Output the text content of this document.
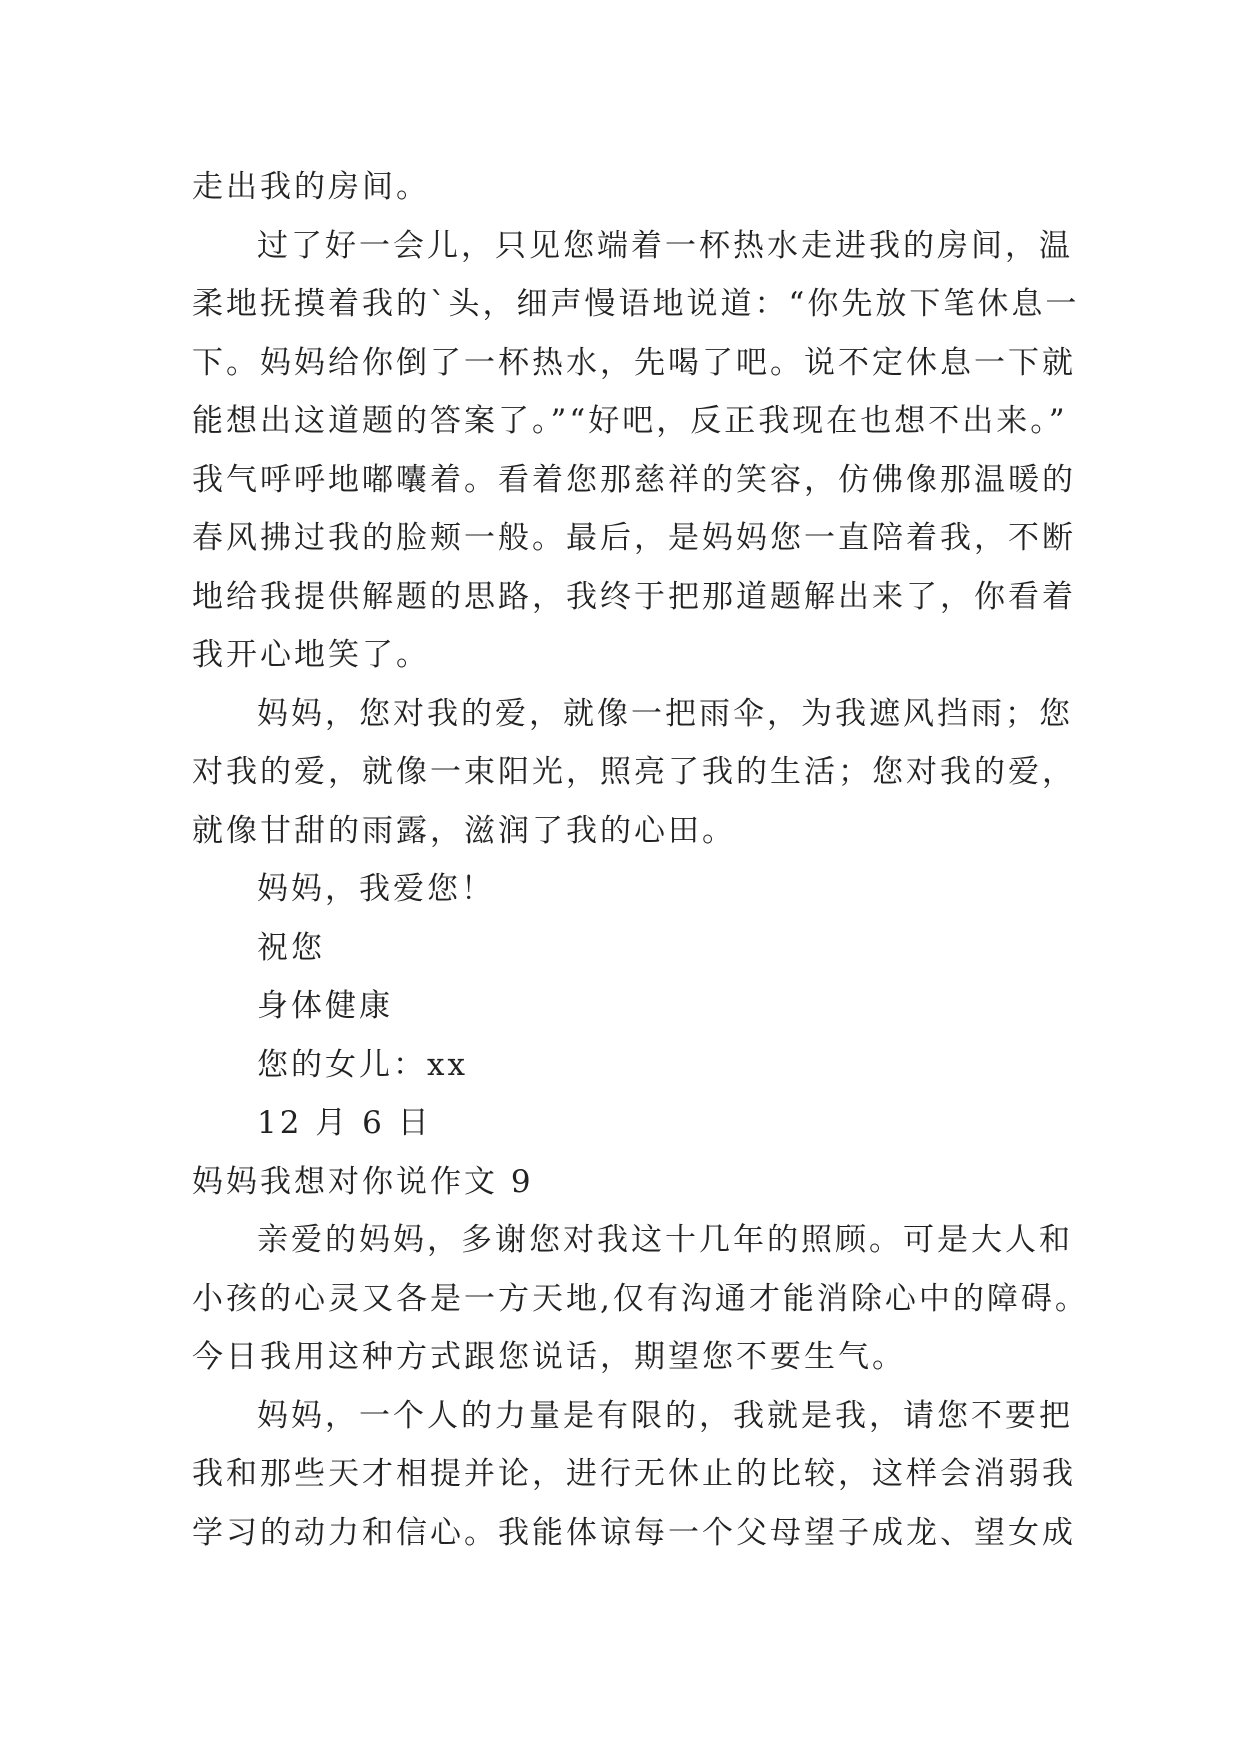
走出我的房间。
过了好一会儿，只见您端着一杯热水走进我的房间，温
柔地抚摸着我的`头，细声慢语地说道：“你先放下笔休息一
下。妈妈给你倒了一杯热水，先喝了吧。说不定休息一下就
能想出这道题的答案了。”“好吧，反正我现在也想不出来。”
我气呼呼地嘟囔着。看着您那慈祥的笑容，仿佛像那温暖的
春风拂过我的脸颊一般。最后，是妈妈您一直陪着我，不断
地给我提供解题的思路，我终于把那道题解出来了，你看着
我开心地笑了。
妈妈，您对我的爱，就像一把雨伞，为我遮风挡雨；您
对我的爱，就像一束阳光，照亮了我的生活；您对我的爱，
就像甘甜的雨露，滋润了我的心田。
妈妈，我爱您！
祝您
身体健康
您的女儿：xx
12 月 6 日
妈妈我想对你说作文 9
亲爱的妈妈，多谢您对我这十几年的照顾。可是大人和
小孩的心灵又各是一方天地,仅有沟通才能消除心中的障碍。
今日我用这种方式跟您说话，期望您不要生气。
妈妈，一个人的力量是有限的，我就是我，请您不要把
我和那些天才相提并论，进行无休止的比较，这样会消弱我
学习的动力和信心。我能体谅每一个父母望子成龙、望女成
